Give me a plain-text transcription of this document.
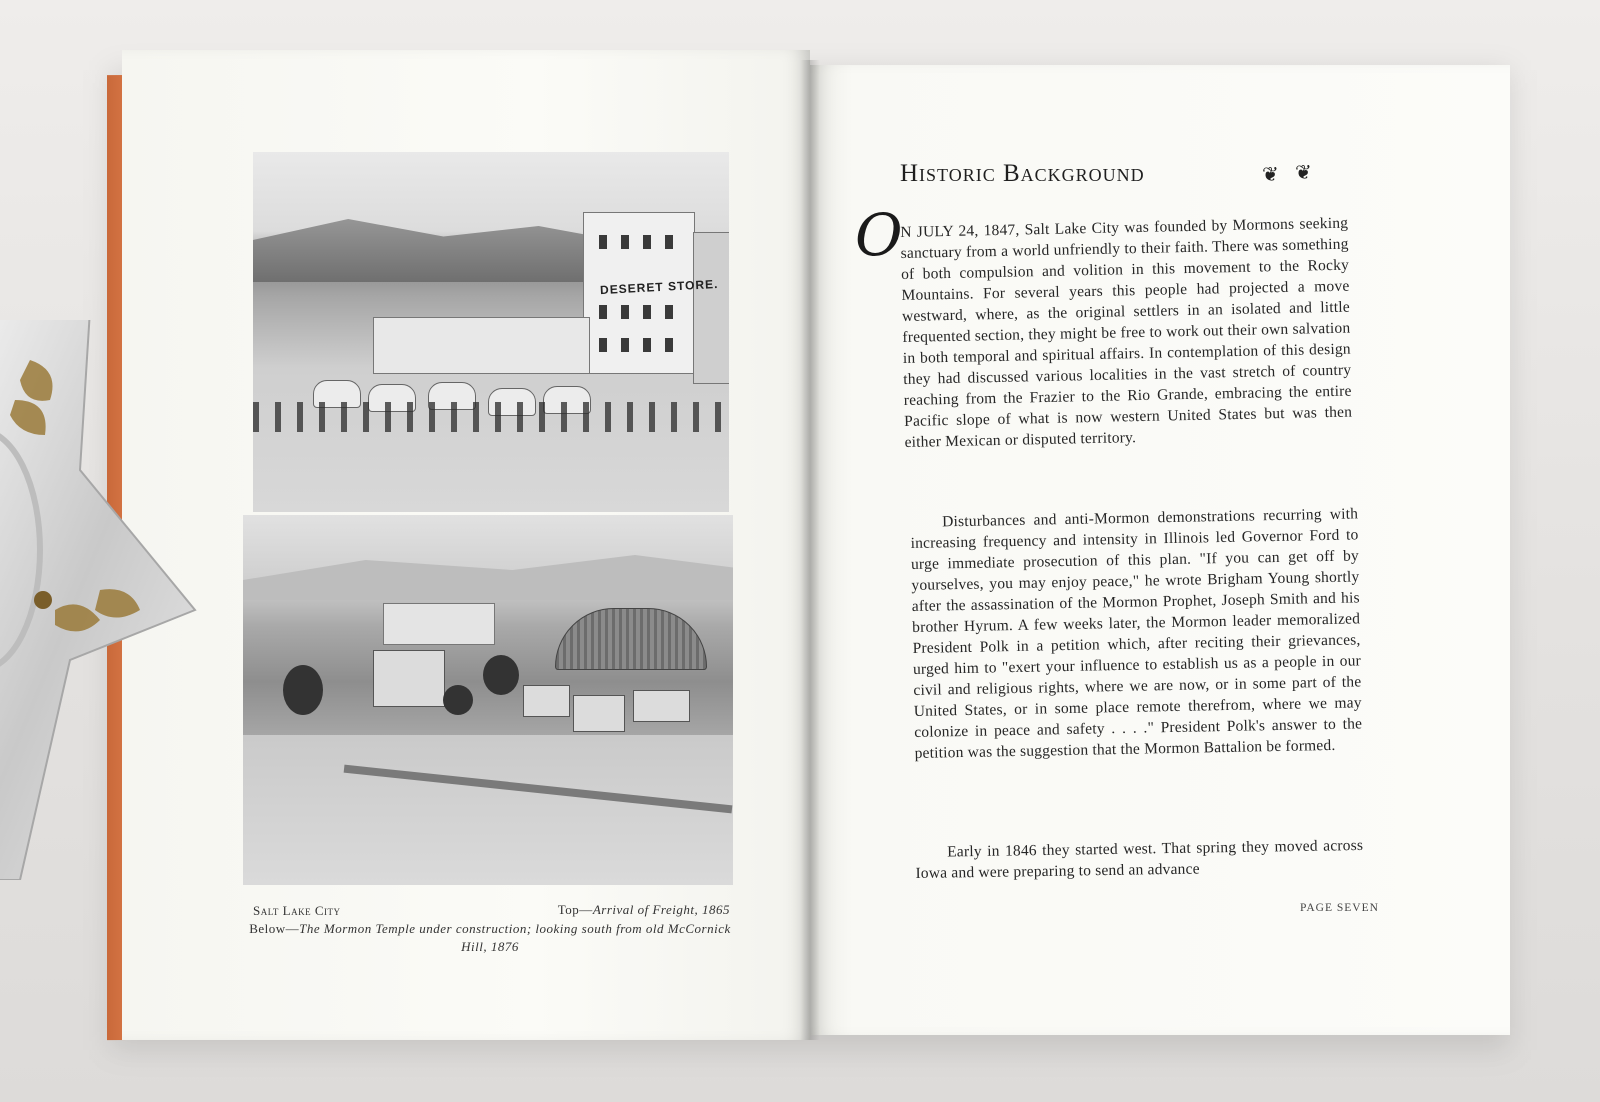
DESERET STORE.
Salt Lake City	Top—Arrival of Freight, 1865
Below—The Mormon Temple under construction; looking south from old McCornick Hill, 1876
Historic Background	❦ ❦
O
N JULY 24, 1847, Salt Lake City was founded by Mormons seeking sanctuary from a world unfriendly to their faith. There was something of both compulsion and volition in this movement to the Rocky Mountains. For several years this people had projected a move westward, where, as the original settlers in an isolated and little frequented section, they might be free to work out their own salvation in both temporal and spiritual affairs. In contemplation of this design they had discussed various localities in the vast stretch of country reaching from the Frazier to the Rio Grande, embracing the entire Pacific slope of what is now western United States but was then either Mexican or disputed territory.
Disturbances and anti-Mormon demonstrations recurring with increasing frequency and intensity in Illinois led Governor Ford to urge immediate prosecution of this plan. "If you can get off by yourselves, you may enjoy peace," he wrote Brigham Young shortly after the assassination of the Mormon Prophet, Joseph Smith and his brother Hyrum. A few weeks later, the Mormon leader memoralized President Polk in a petition which, after reciting their grievances, urged him to "exert your influence to establish us as a people in our civil and religious rights, where we are now, or in some part of the United States, or in some place remote therefrom, where we may colonize in peace and safety . . . ." President Polk's answer to the petition was the suggestion that the Mormon Battalion be formed.
Early in 1846 they started west. That spring they moved across Iowa and were preparing to send an advance
PAGE SEVEN
